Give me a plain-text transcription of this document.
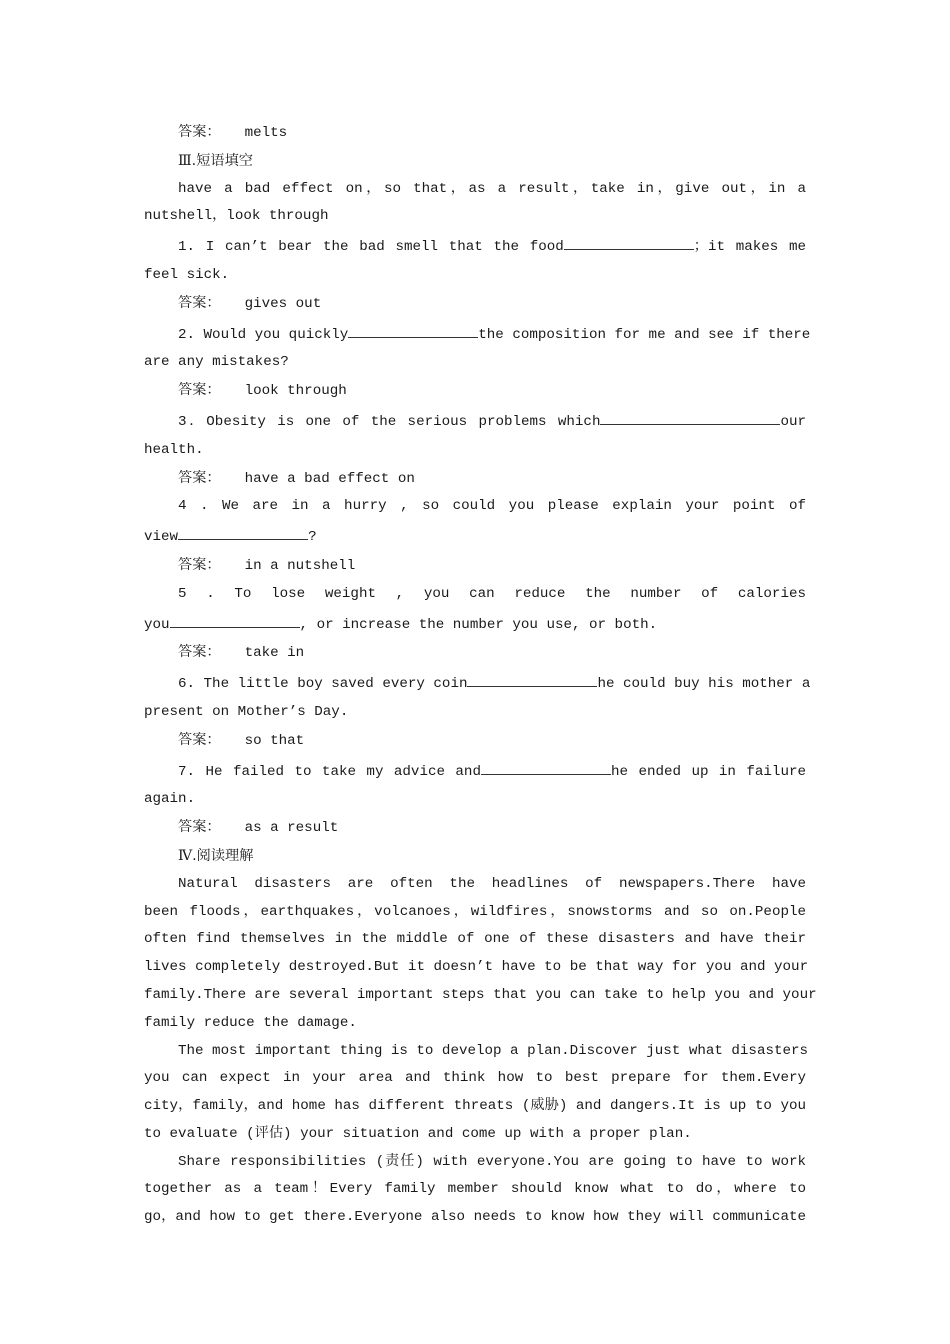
答案： melts
Ⅲ.短语填空
have a bad effect on，so that，as a result，take in，give out，in a
nutshell，look through
1. I can’t bear the bad smell that the food	；it makes me
feel sick.
答案： gives out
2. Would you quickly	the composition for me and see if there
are any mistakes?
答案： look through
3．Obesity is one of the serious problems which	our
health.
答案： have a bad effect on
4 . We are in a hurry , so could you please explain your point of
view	?
答案： in a nutshell
5 . To lose weight , you can reduce the number of calories
you	, or increase the number you use, or both.
答案： take in
6. The little boy saved every coin	he could buy his mother a
present on Mother’s Day.
答案： so that
7. He failed to take my advice and	he ended up in failure
again.
答案： as a result
Ⅳ.阅读理解
Natural disasters are often the headlines of newspapers.There have
been floods，earthquakes，volcanoes，wildfires，snowstorms and so on.People
often find themselves in the middle of one of these disasters and have their
lives completely destroyed.But it doesn’t have to be that way for you and your
family.There are several important steps that you can take to help you and your
family reduce the damage.
The most important thing is to develop a plan.Discover just what disasters
you can expect in your area and think how to best prepare for them.Every
city，family，and home has different threats (威胁) and dangers.It is up to you
to evaluate (评估) your situation and come up with a proper plan.
Share responsibilities (责任) with everyone.You are going to have to work
together as a team！Every family member should know what to do，where to
go，and how to get there.Everyone also needs to know how they will communicate
